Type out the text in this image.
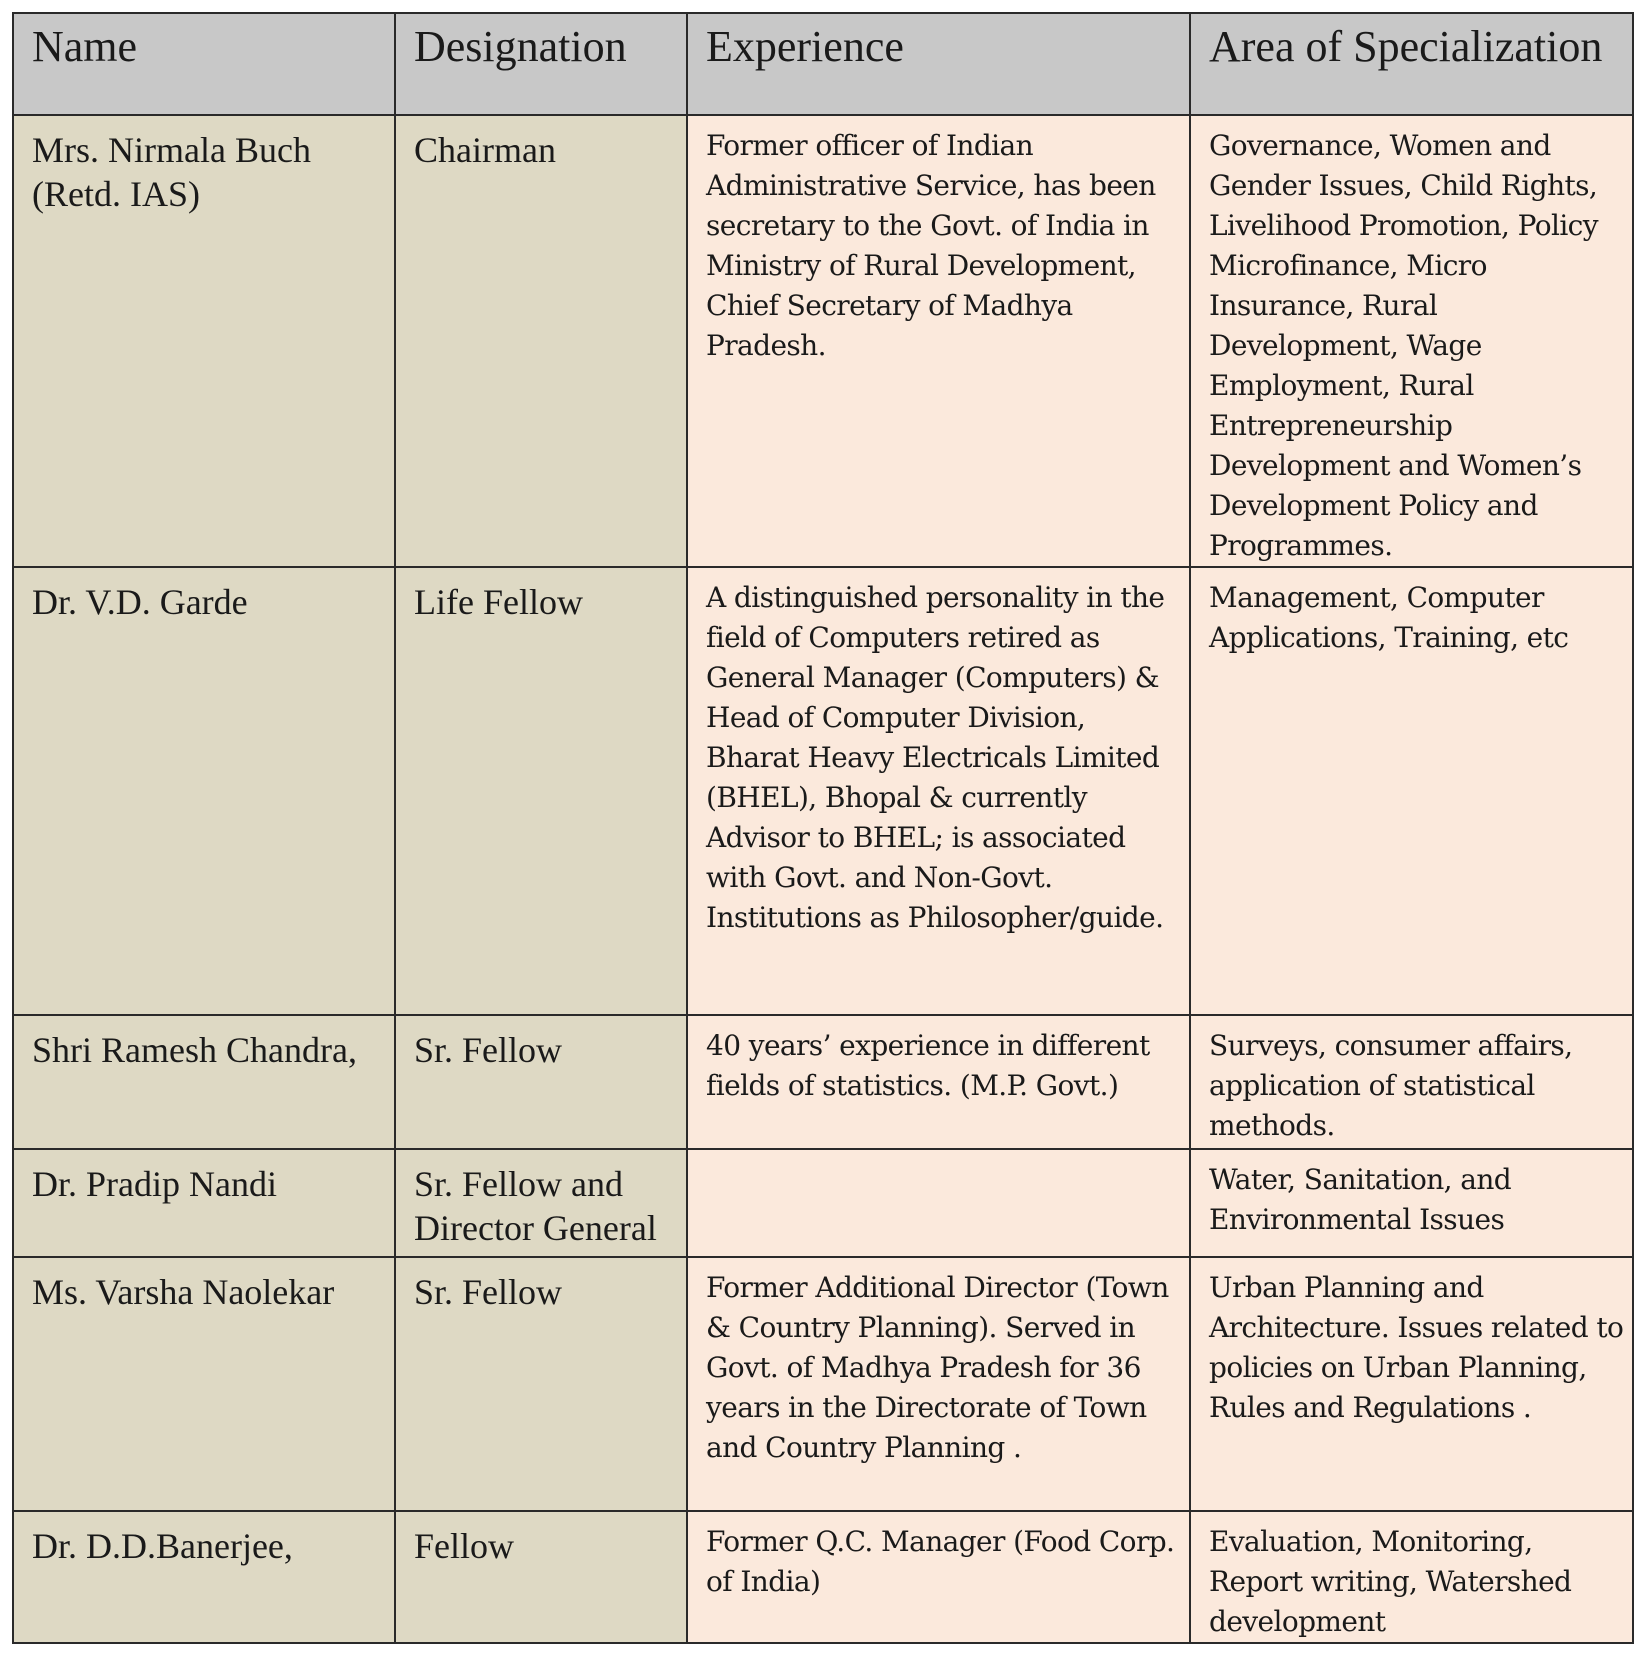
Name	Designation	Experience	Area of Specialization
Mrs. Nirmala Buch (Retd. IAS)	Chairman	Former officer of Indian Administrative Service, has been secretary to the Govt. of India in Ministry of Rural Development, Chief Secretary of Madhya Pradesh.	Governance, Women and Gender Issues, Child Rights, Livelihood Promotion, Policy Microfinance, Micro Insurance, Rural Development, Wage Employment, Rural Entrepreneurship Development and Women’s Development Policy and Programmes.
Dr. V.D. Garde	Life Fellow	A distinguished personality in the field of Computers retired as General Manager (Computers) & Head of Computer Division, Bharat Heavy Electricals Limited (BHEL), Bhopal & currently Advisor to BHEL; is associated with Govt. and Non-Govt. Institutions as Philosopher/guide.	Management, Computer Applications, Training, etc
Shri Ramesh Chandra,	Sr. Fellow	40 years’ experience in different fields of statistics. (M.P. Govt.)	Surveys, consumer affairs, application of statistical methods.
Dr. Pradip Nandi	Sr. Fellow and Director General		Water, Sanitation, and Environmental Issues
Ms. Varsha Naolekar	Sr. Fellow	Former Additional Director (Town & Country Planning). Served in Govt. of Madhya Pradesh for 36 years in the Directorate of Town and Country Planning .	Urban Planning and Architecture. Issues related to policies on Urban Planning, Rules and Regulations .
Dr. D.D.Banerjee,	Fellow	Former Q.C. Manager (Food Corp. of India)	Evaluation, Monitoring, Report writing, Watershed development
